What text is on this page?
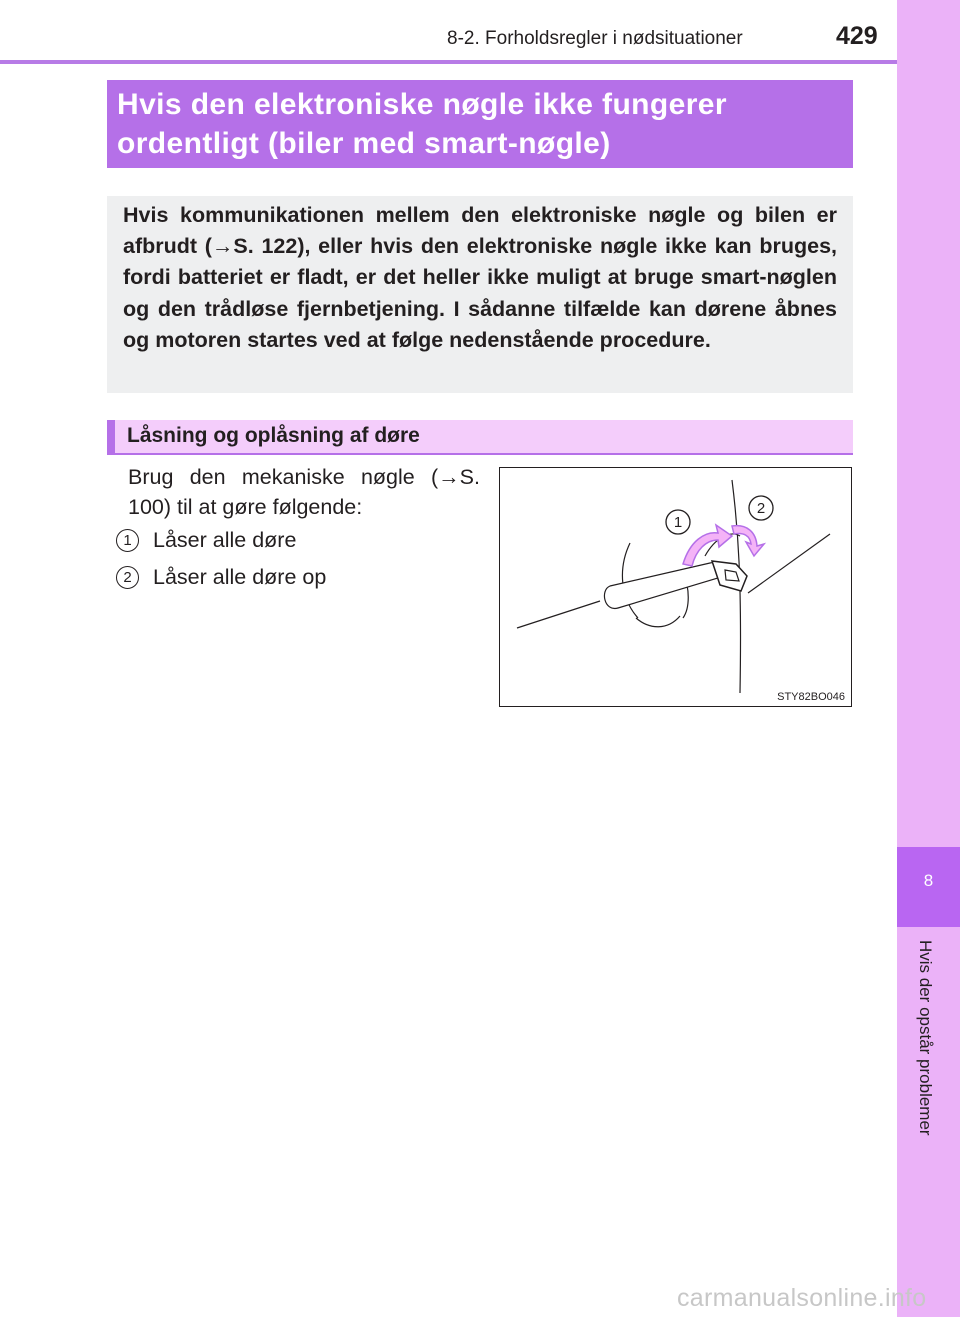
8-2. Forholdsregler i nødsituationer	429
8
Hvis der opstår problemer
Hvis den elektroniske nøgle ikke fungerer
ordentligt (biler med smart-nøgle)

Hvis kommunikationen mellem den elektroniske nøgle og bilen er afbrudt (→S. 122), eller hvis den elektroniske nøgle ikke kan bruges, fordi batteriet er fladt, er det heller ikke muligt at bruge smart-nøglen og den trådløse fjernbetjening. I sådanne tilfælde kan dørene åbnes og motoren startes ved at følge nedenstående procedure.

Låsning og oplåsning af døre

Brug den mekaniske nøgle (→S. 100) til at gøre følgende:

1 Låser alle døre
2 Låser alle døre op
1
2
STY82BO046
carmanualsonline.info
